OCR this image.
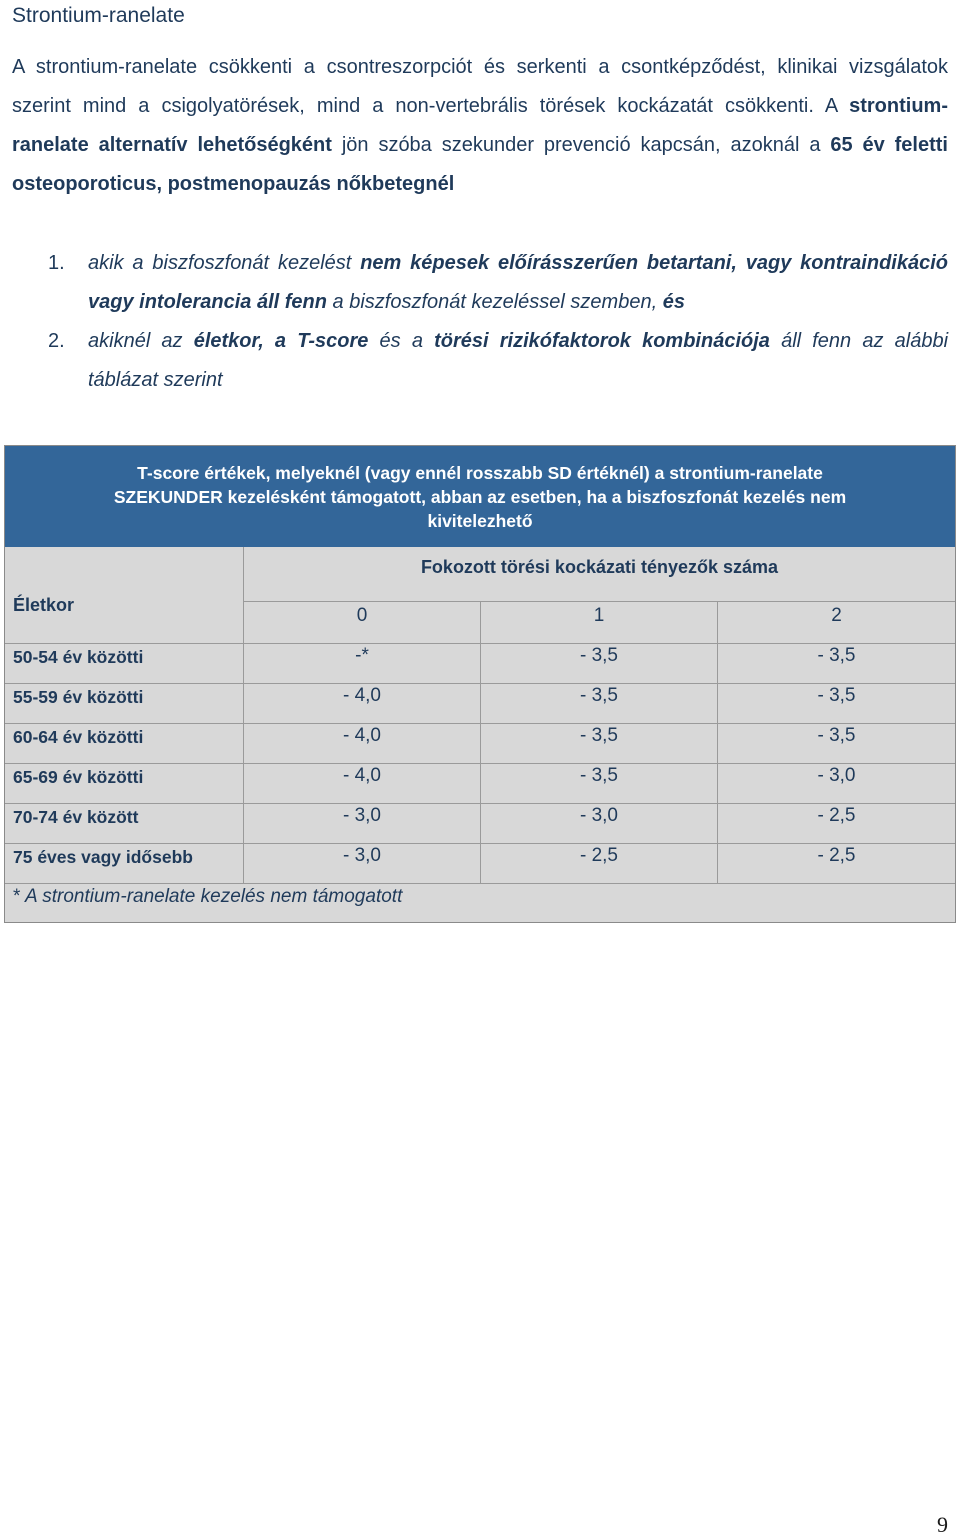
Strontium-ranelate

A strontium-ranelate csökkenti a csontreszorpciót és serkenti a csontképződést, klinikai vizsgálatok szerint mind a csigolyatörések, mind a non-vertebrális törések kockázatát csökkenti. A strontium-ranelate alternatív lehetőségként jön szóba szekunder prevenció kapcsán, azoknál a 65 év feletti osteoporoticus, postmenopauzás nőkbetegnél

1. akik a biszfoszfonát kezelést nem képesek előírásszerűen betartani, vagy kontraindikáció vagy intolerancia áll fenn a biszfoszfonát kezeléssel szemben, és
2. akiknél az életkor, a T-score és a törési rizikófaktorok kombinációja áll fenn az alábbi táblázat szerint
T-score értékek, melyeknél (vagy ennél rosszabb SD értéknél) a strontium-ranelate
SZEKUNDER kezelésként támogatott, abban az esetben, ha a biszfoszfonát kezelés nem
kivitelezhető
Életkor
Fokozott törési kockázati tényezők száma
0	1	2
50-54 év közötti	-*	- 3,5	- 3,5
55-59 év közötti	- 4,0	- 3,5	- 3,5
60-64 év közötti	- 4,0	- 3,5	- 3,5
65-69 év közötti	- 4,0	- 3,5	- 3,0
70-74 év között	- 3,0	- 3,0	- 2,5
75 éves vagy idősebb	- 3,0	- 2,5	- 2,5
* A strontium-ranelate kezelés nem támogatott
9
